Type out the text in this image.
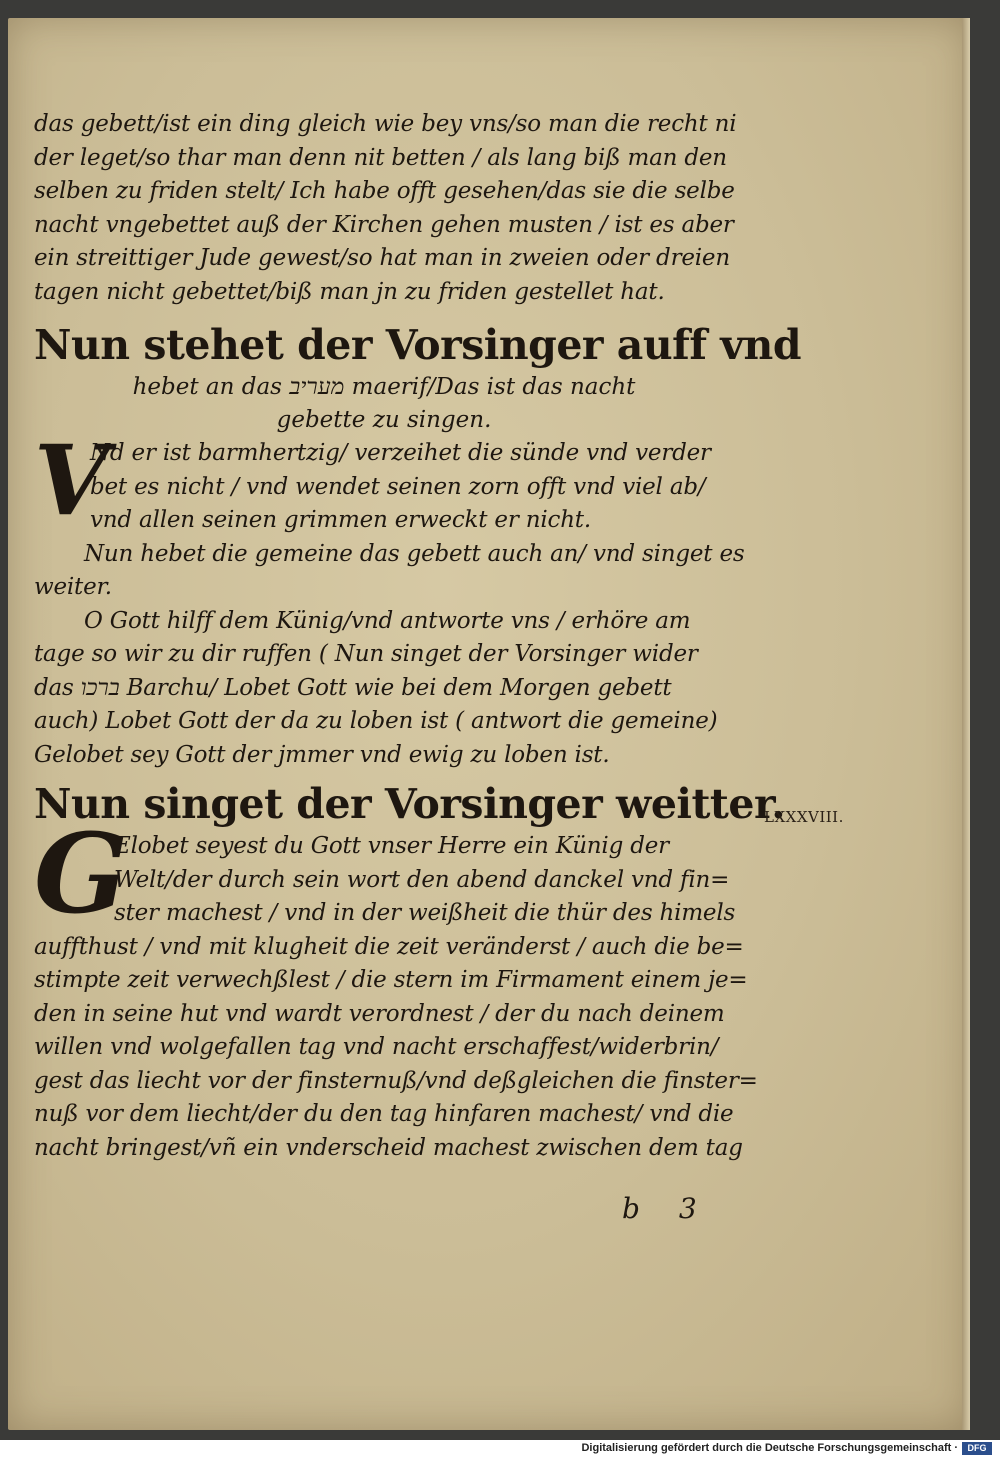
das gebett/ist ein ding gleich wie bey vns/so man die recht ni
der leget/so thar man denn nit betten / als lang biß man den
selben zu friden stelt/ Ich habe offt gesehen/das sie die selbe
nacht vngebettet auß der Kirchen gehen musten / ist es aber
ein streittiger Jude gewest/so hat man in zweien oder dreien
tagen nicht gebettet/biß man jn zu friden gestellet hat.
Nun stehet der Vorsinger auff vnd
hebet an das מעריב maerif/Das ist das nacht
gebette zu singen.
V
Nd er ist barmhertzig/ verzeihet die sünde vnd verder
bet es nicht / vnd wendet seinen zorn offt vnd viel ab/
vnd allen seinen grimmen erweckt er nicht.
Nun hebet die gemeine das gebett auch an/ vnd singet es
weiter.
O Gott hilff dem Künig/vnd antworte vns / erhöre am
tage so wir zu dir ruffen ( Nun singet der Vorsinger wider
das ברכו Barchu/ Lobet Gott wie bei dem Morgen gebett
auch) Lobet Gott der da zu loben ist ( antwort die gemeine)
Gelobet sey Gott der jmmer vnd ewig zu loben ist.
Nun singet der Vorsinger weitter.
G
Elobet seyest du Gott vnser Herre ein Künig der
Welt/der durch sein wort den abend danckel vnd fin=
ster machest / vnd in der weißheit die thür des himels
auffthust / vnd mit klugheit die zeit veränderst / auch die be=
stimpte zeit verwechßlest / die stern im Firmament einem je=
den in seine hut vnd wardt verordnest / der du nach deinem
willen vnd wolgefallen tag vnd nacht erschaffest/widerbrin/
gest das liecht vor der finsternuß/vnd deßgleichen die finster=
nuß vor dem liecht/der du den tag hinfaren machest/ vnd die
nacht bringest/vñ ein vnderscheid machest zwischen dem tag
LXXXVIII.
b 3
Digitalisierung gefördert durch die Deutsche Forschungsgemeinschaft ·	DFG
